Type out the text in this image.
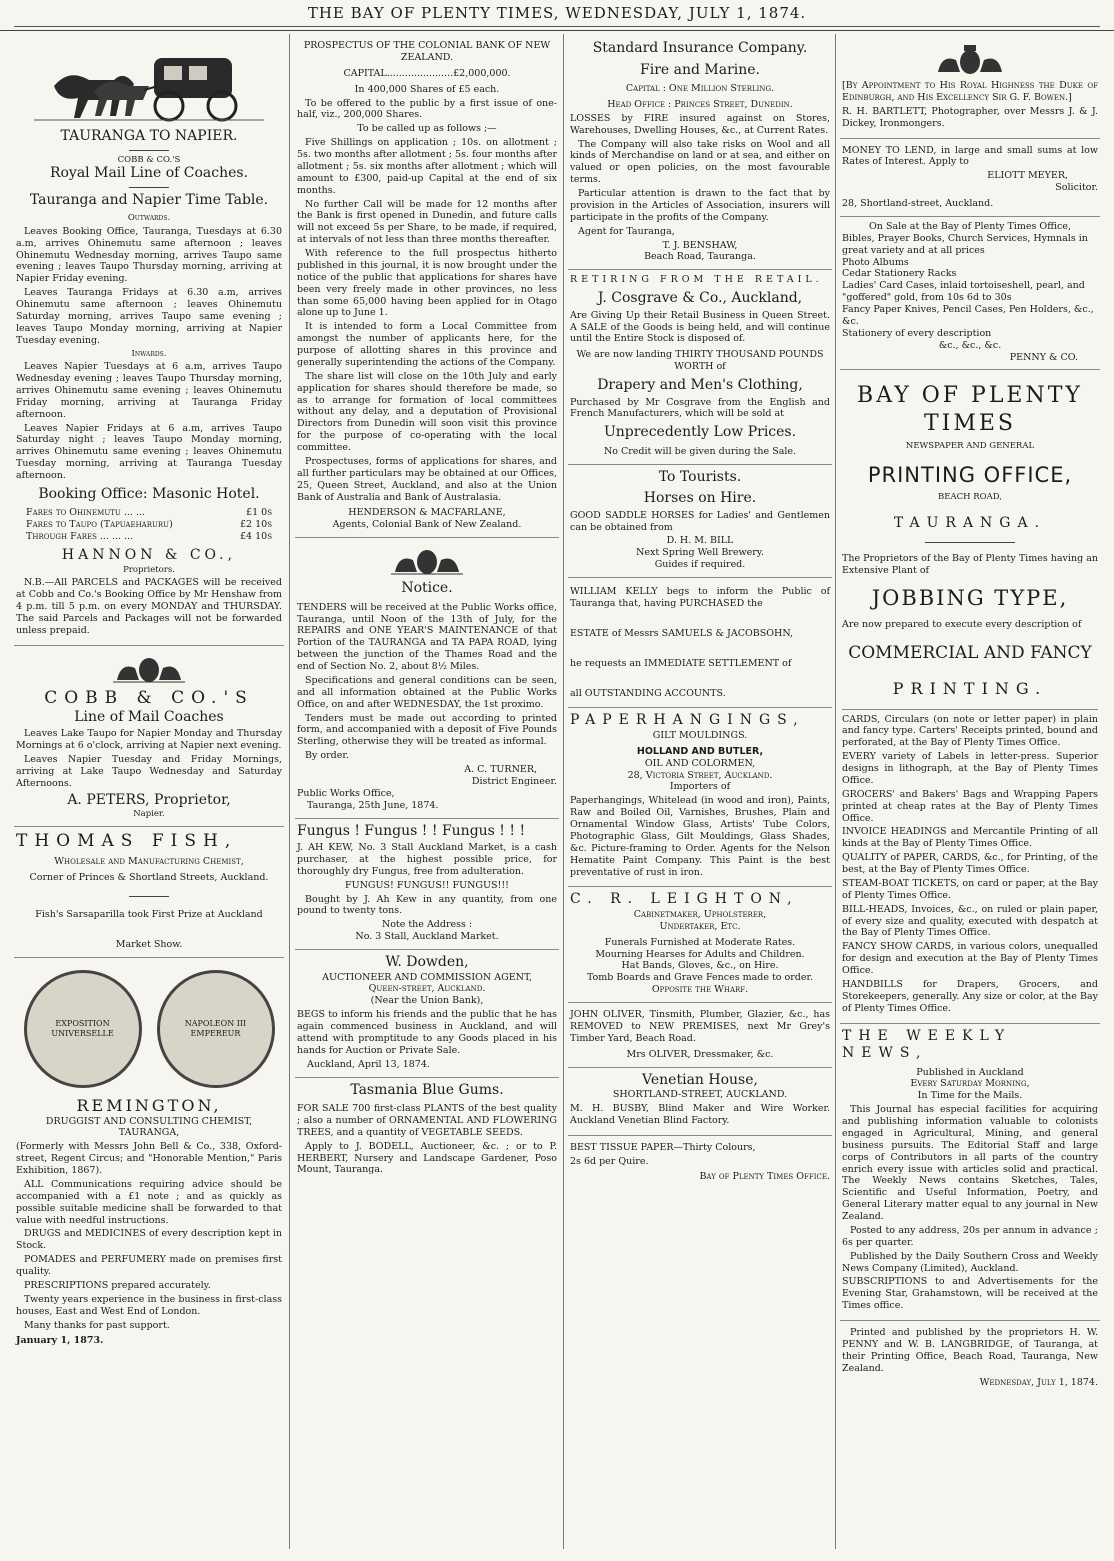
THE BAY OF PLENTY TIMES, WEDNESDAY, JULY 1, 1874.
TAURANGA TO NAPIER.
COBB & CO.'S
Royal Mail Line of Coaches.
Tauranga and Napier Time Table.
Outwards.

Leaves Booking Office, Tauranga, Tuesdays at 6.30 a.m, arrives Ohinemutu same afternoon ; leaves Ohinemutu Wednesday morning, arrives Taupo same evening ; leaves Taupo Thursday morning, arriving at Napier Friday evening.

Leaves Tauranga Fridays at 6.30 a.m, arrives Ohinemutu same afternoon ; leaves Ohinemutu Saturday morning, arrives Taupo same evening ; leaves Taupo Monday morning, arriving at Napier Tuesday evening.

Inwards.

Leaves Napier Tuesdays at 6 a.m, arrives Taupo Wednesday evening ; leaves Taupo Thursday morning, arrives Ohinemutu same evening ; leaves Ohinemutu Friday morning, arriving at Tauranga Friday afternoon.

Leaves Napier Fridays at 6 a.m, arrives Taupo Saturday night ; leaves Taupo Monday morning, arrives Ohinemutu same evening ; leaves Ohinemutu Tuesday morning, arriving at Tauranga Tuesday afternoon.

Booking Office: Masonic Hotel.
Fares to Ohinemutu ... ...	£1 0s
Fares to Taupo (Tapuaeharuru)	£2 10s
Through Fares ... ... ...	£4 10s
HANNON & CO.,
Proprietors.

N.B.—All PARCELS and PACKAGES will be received at Cobb and Co.'s Booking Office by Mr Henshaw from 4 p.m. till 5 p.m. on every MONDAY and THURSDAY. The said Parcels and Packages will not be forwarded unless prepaid.

COBB & CO.'S
Line of Mail Coaches

Leaves Lake Taupo for Napier Monday and Thursday Mornings at 6 o'clock, arriving at Napier next evening.

Leaves Napier Tuesday and Friday Mornings, arriving at Lake Taupo Wednesday and Saturday Afternoons.

A. PETERS, Proprietor,
Napier.
THOMAS FISH,
Wholesale and Manufacturing Chemist,
Corner of Princes & Shortland Streets, Auckland.
Fish's Sarsaparilla took First Prize at Auckland
Market Show.
EXPOSITION UNIVERSELLE
NAPOLEON III EMPEREUR
REMINGTON,
DRUGGIST AND CONSULTING CHEMIST,
TAURANGA,

(Formerly with Messrs John Bell & Co., 338, Oxford-street, Regent Circus; and "Honorable Mention," Paris Exhibition, 1867).

ALL Communications requiring advice should be accompanied with a £1 note ; and as quickly as possible suitable medicine shall be forwarded to that value with needful instructions.

DRUGS and MEDICINES of every description kept in Stock.

POMADES and PERFUMERY made on premises first quality.

PRESCRIPTIONS prepared accurately.

Twenty years experience in the business in first-class houses, East and West End of London.

Many thanks for past support.

January 1, 1873.
PROSPECTUS OF THE COLONIAL BANK OF NEW ZEALAND.
CAPITAL......................£2,000,000.
In 400,000 Shares of £5 each.

To be offered to the public by a first issue of one-half, viz., 200,000 Shares.

To be called up as follows ;—

Five Shillings on application ; 10s. on allotment ; 5s. two months after allotment ; 5s. four months after allotment ; 5s. six months after allotment ; which will amount to £300, paid-up Capital at the end of six months.

No further Call will be made for 12 months after the Bank is first opened in Dunedin, and future calls will not exceed 5s per Share, to be made, if required, at intervals of not less than three months thereafter.

With reference to the full prospectus hitherto published in this journal, it is now brought under the notice of the public that applications for shares have been very freely made in other provinces, no less than some 65,000 having been applied for in Otago alone up to June 1.

It is intended to form a Local Committee from amongst the number of applicants here, for the purpose of allotting shares in this province and generally superintending the actions of the Company.

The share list will close on the 10th July and early application for shares should therefore be made, so as to arrange for formation of local committees without any delay, and a deputation of Provisional Directors from Dunedin will soon visit this province for the purpose of co-operating with the local committee.

Prospectuses, forms of applications for shares, and all further particulars may be obtained at our Offices, 25, Queen Street, Auckland, and also at the Union Bank of Australia and Bank of Australasia.

HENDERSON & MACFARLANE,
Agents, Colonial Bank of New Zealand.
Notice.

TENDERS will be received at the Public Works office, Tauranga, until Noon of the 13th of July, for the REPAIRS and ONE YEAR'S MAINTENANCE of that Portion of the TAURANGA and TA PAPA ROAD, lying between the junction of the Thames Road and the end of Section No. 2, about 8½ Miles.

Specifications and general conditions can be seen, and all information obtained at the Public Works Office, on and after WEDNESDAY, the 1st proximo.

Tenders must be made out according to printed form, and accompanied with a deposit of Five Pounds Sterling, otherwise they will be treated as informal.

By order.

A. C. TURNER,
District Engineer.
Public Works Office,
Tauranga, 25th June, 1874.
Fungus ! Fungus ! ! Fungus ! ! !

J. AH KEW, No. 3 Stall Auckland Market, is a cash purchaser, at the highest possible price, for thoroughly dry Fungus, free from adulteration.

FUNGUS! FUNGUS!! FUNGUS!!!

Bought by J. Ah Kew in any quantity, from one pound to twenty tons.

Note the Address :
No. 3 Stall, Auckland Market.
W. Dowden,
AUCTIONEER AND COMMISSION AGENT,
Queen-street, Auckland.
(Near the Union Bank),

BEGS to inform his friends and the public that he has again commenced business in Auckland, and will attend with promptitude to any Goods placed in his hands for Auction or Private Sale.

Auckland, April 13, 1874.
Tasmania Blue Gums.

FOR SALE 700 first-class PLANTS of the best quality ; also a number of ORNAMENTAL AND FLOWERING TREES, and a quantity of VEGETABLE SEEDS.

Apply to J. BODELL, Auctioneer, &c. ; or to P. HERBERT, Nursery and Landscape Gardener, Poso Mount, Tauranga.

Standard Insurance Company.
Fire and Marine.
Capital : One Million Sterling.
Head Office : Princes Street, Dunedin.

LOSSES by FIRE insured against on Stores, Warehouses, Dwelling Houses, &c., at Current Rates.

The Company will also take risks on Wool and all kinds of Merchandise on land or at sea, and either on valued or open policies, on the most favourable terms.

Particular attention is drawn to the fact that by provision in the Articles of Association, insurers will participate in the profits of the Company.

Agent for Tauranga,

T. J. BENSHAW,
Beach Road, Tauranga.
RETIRING FROM THE RETAIL.
J. Cosgrave & Co., Auckland,

Are Giving Up their Retail Business in Queen Street. A SALE of the Goods is being held, and will continue until the Entire Stock is disposed of.

We are now landing THIRTY THOUSAND POUNDS WORTH of
Drapery and Men's Clothing,

Purchased by Mr Cosgrave from the English and French Manufacturers, which will be sold at

Unprecedently Low Prices.
No Credit will be given during the Sale.
To Tourists.
Horses on Hire.

GOOD SADDLE HORSES for Ladies' and Gentlemen can be obtained from

D. H. M. BILL
Next Spring Well Brewery.
Guides if required.

WILLIAM KELLY begs to inform the Public of Tauranga that, having PURCHASED the

ESTATE of Messrs SAMUELS & JACOBSOHN,

he requests an IMMEDIATE SETTLEMENT of

all OUTSTANDING ACCOUNTS.

PAPERHANGINGS,
GILT MOULDINGS.
HOLLAND AND BUTLER,
OIL AND COLORMEN,
28, Victoria Street, Auckland.
Importers of

Paperhangings, Whitelead (in wood and iron), Paints, Raw and Boiled Oil, Varnishes, Brushes, Plain and Ornamental Window Glass, Artists' Tube Colors, Photographic Glass, Gilt Mouldings, Glass Shades, &c. Picture-framing to Order. Agents for the Nelson Hematite Paint Company. This Paint is the best preventative of rust in iron.

C. R. LEIGHTON,
Cabinetmaker, Upholsterer,
Undertaker, Etc.
Funerals Furnished at Moderate Rates.
Mourning Hearses for Adults and Children.
Hat Bands, Gloves, &c., on Hire.
Tomb Boards and Grave Fences made to order.
Opposite the Wharf.

JOHN OLIVER, Tinsmith, Plumber, Glazier, &c., has REMOVED to NEW PREMISES, next Mr Grey's Timber Yard, Beach Road.

Mrs OLIVER, Dressmaker, &c.
Venetian House,
SHORTLAND-STREET, AUCKLAND.

M. H. BUSBY, Blind Maker and Wire Worker. Auckland Venetian Blind Factory.

BEST TISSUE PAPER—Thirty Colours,

2s 6d per Quire.
Bay of Plenty Times Office.

[By Appointment to His Royal Highness the Duke of Edinburgh, and His Excellency Sir G. F. Bowen.]

R. H. BARTLETT, Photographer, over Messrs J. & J. Dickey, Ironmongers.

MONEY TO LEND, in large and small sums at low Rates of Interest. Apply to

ELIOTT MEYER,
Solicitor.
28, Shortland-street, Auckland.
On Sale at the Bay of Plenty Times Office,
Bibles, Prayer Books, Church Services, Hymnals in great variety and at all prices
Photo Albums
Cedar Stationery Racks
Ladies' Card Cases, inlaid tortoiseshell, pearl, and "goffered" gold, from 10s 6d to 30s
Fancy Paper Knives, Pencil Cases, Pen Holders, &c., &c.
Stationery of every description
&c., &c., &c.
PENNY & CO.
BAY OF PLENTY
TIMES
NEWSPAPER AND GENERAL
PRINTING OFFICE,
BEACH ROAD,
TAURANGA.

The Proprietors of the Bay of Plenty Times having an Extensive Plant of

JOBBING TYPE,

Are now prepared to execute every description of

COMMERCIAL AND FANCY
PRINTING.

CARDS, Circulars (on note or letter paper) in plain and fancy type. Carters' Receipts printed, bound and perforated, at the Bay of Plenty Times Office.

EVERY variety of Labels in letter-press. Superior designs in lithograph, at the Bay of Plenty Times Office.

GROCERS' and Bakers' Bags and Wrapping Papers printed at cheap rates at the Bay of Plenty Times Office.

INVOICE HEADINGS and Mercantile Printing of all kinds at the Bay of Plenty Times Office.

QUALITY of PAPER, CARDS, &c., for Printing, of the best, at the Bay of Plenty Times Office.

STEAM-BOAT TICKETS, on card or paper, at the Bay of Plenty Times Office.

BILL-HEADS, Invoices, &c., on ruled or plain paper, of every size and quality, executed with despatch at the Bay of Plenty Times Office.

FANCY SHOW CARDS, in various colors, unequalled for design and execution at the Bay of Plenty Times Office.

HANDBILLS for Drapers, Grocers, and Storekeepers, generally. Any size or color, at the Bay of Plenty Times Office.

THE WEEKLY NEWS,
Published in Auckland
Every Saturday Morning,
In Time for the Mails.

This Journal has especial facilities for acquiring and publishing information valuable to colonists engaged in Agricultural, Mining, and general business pursuits. The Editorial Staff and large corps of Contributors in all parts of the country enrich every issue with articles solid and practical. The Weekly News contains Sketches, Tales, Scientific and Useful Information, Poetry, and General Literary matter equal to any journal in New Zealand.

Posted to any address, 20s per annum in advance ; 6s per quarter.

Published by the Daily Southern Cross and Weekly News Company (Limited), Auckland.

SUBSCRIPTIONS to and Advertisements for the Evening Star, Grahamstown, will be received at the Times office.

Printed and published by the proprietors H. W. PENNY and W. B. LANGBRIDGE, of Tauranga, at their Printing Office, Beach Road, Tauranga, New Zealand.

Wednesday, July 1, 1874.
